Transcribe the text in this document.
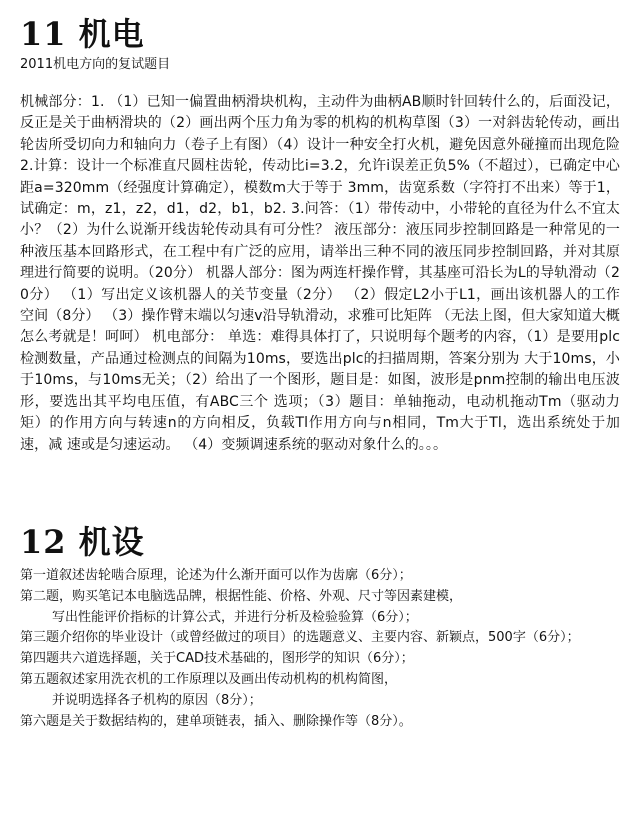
11 机电

2011机电方向的复试题目

机械部分：1. （1）已知一偏置曲柄滑块机构，主动件为曲柄AB顺时针回转什么的，后面没记，反正是关于曲柄滑块的（2）画出两个压力角为零的机构的机构草图（3）一对斜齿轮传动，画出轮齿所受切向力和轴向力（卷子上有图）（4）设计一种安全打火机，避免因意外碰撞而出现危险 2.计算：设计一个标准直尺圆柱齿轮，传动比i=3.2，允许i误差正负5%（不超过），已确定中心距a=320mm（经强度计算确定），模数m大于等于 3mm，齿宽系数（字符打不出来）等于1，试确定：m，z1，z2，d1，d2，b1，b2. 3.问答：（1）带传动中，小带轮的直径为什么不宜太小？（2）为什么说渐开线齿轮传动具有可分性？ 液压部分：液压同步控制回路是一种常见的一种液压基本回路形式，在工程中有广泛的应用，请举出三种不同的液压同步控制回路，并对其原理进行简要的说明。（20分） 机器人部分：图为两连杆操作臂，其基座可沿长为L的导轨滑动（20分） （1）写出定义该机器人的关节变量（2分） （2）假定L2小于L1，画出该机器人的工作空间（8分） （3）操作臂末端以匀速v沿导轨滑动，求雅可比矩阵 （无法上图，但大家知道大概怎么考就是！呵呵） 机电部分： 单选：难得具体打了，只说明每个题考的内容，（1）是要用plc检测数量，产品通过检测点的间隔为10ms，要选出plc的扫描周期，答案分别为 大于10ms，小于10ms，与10ms无关；（2）给出了一个图形，题目是：如图，波形是pnm控制的输出电压波形，要选出其平均电压值，有ABC三个 选项；（3）题目：单轴拖动，电动机拖动Tm（驱动力矩）的作用方向与转速n的方向相反，负载Tl作用方向与n相同，Tm大于Tl，选出系统处于加速，减 速或是匀速运动。 （4）变频调速系统的驱动对象什么的。。。

12 机设
第一道叙述齿轮啮合原理，论述为什么渐开面可以作为齿廓（6分）；
第二题，购买笔记本电脑选品牌，根据性能、价格、外观、尺寸等因素建模，
写出性能评价指标的计算公式，并进行分析及检验验算（6分）；
第三题介绍你的毕业设计（或曾经做过的项目）的选题意义、主要内容、新颖点，500字（6分）；
第四题共六道选择题，关于CAD技术基础的，图形学的知识（6分）；
第五题叙述家用洗衣机的工作原理以及画出传动机构的机构简图，
并说明选择各子机构的原因（8分）；
第六题是关于数据结构的，建单项链表，插入、删除操作等（8分）。
